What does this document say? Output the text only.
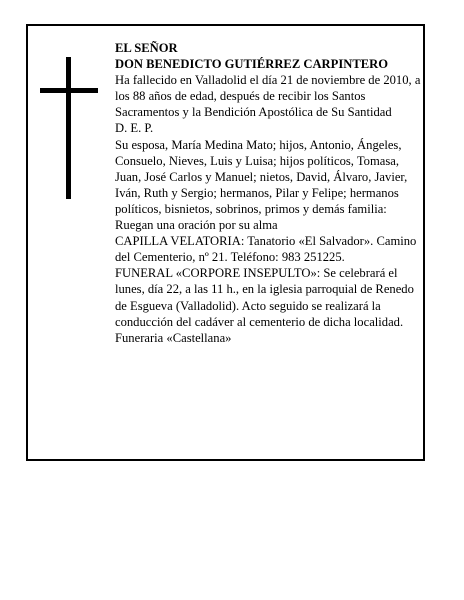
EL SEÑOR

DON BENEDICTO GUTIÉRREZ CARPINTERO

Ha fallecido en Valladolid el día 21 de noviembre de 2010, a los 88 años de edad, después de recibir los Santos Sacramentos y la Bendición Apostólica de Su Santidad

D. E. P.

Su esposa, María Medina Mato; hijos, Antonio, Ángeles, Consuelo, Nieves, Luis y Luisa; hijos políticos, Tomasa, Juan, José Carlos y Manuel; nietos, David, Álvaro, Javier, Iván, Ruth y Sergio; hermanos, Pilar y Felipe; hermanos políticos, bisnietos, sobrinos, primos y demás familia:

Ruegan una oración por su alma

CAPILLA VELATORIA: Tanatorio «El Salvador». Camino del Cementerio, nº 21. Teléfono: 983 251225.

FUNERAL «CORPORE INSEPULTO»: Se celebrará el lunes, día 22, a las 11 h., en la iglesia parroquial de Renedo de Esgueva (Valladolid). Acto seguido se realizará la conducción del cadáver al cementerio de dicha localidad.

Funeraria «Castellana»
